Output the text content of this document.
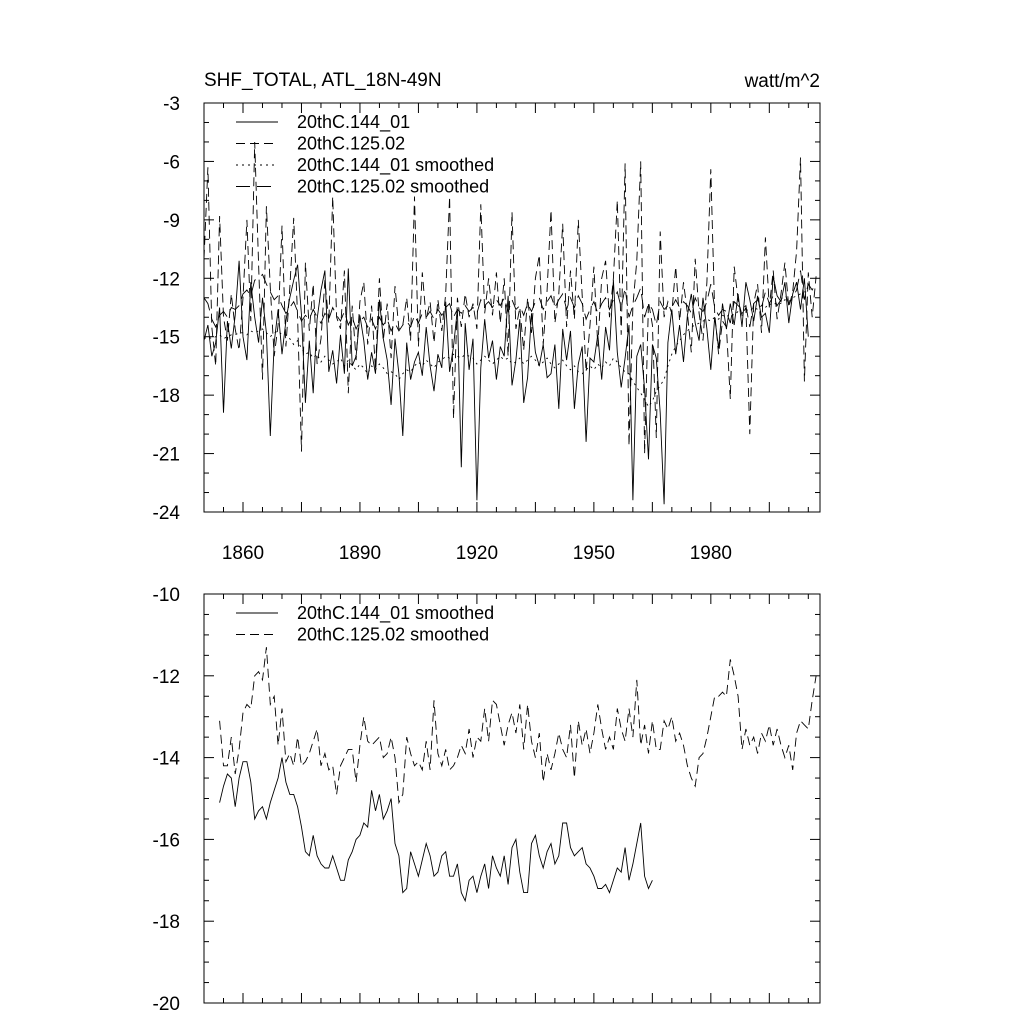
SHF_TOTAL, ATL_18N-49N	watt/m^2
-3
-6
-9
-12
-15
-18
-21
-24
1860	1890	1920	1950	1980
20thC.144_01
20thC.125.02
20thC.144_01 smoothed
20thC.125.02 smoothed
-10
-12
-14
-16
-18
-20
20thC.144_01 smoothed
20thC.125.02 smoothed
